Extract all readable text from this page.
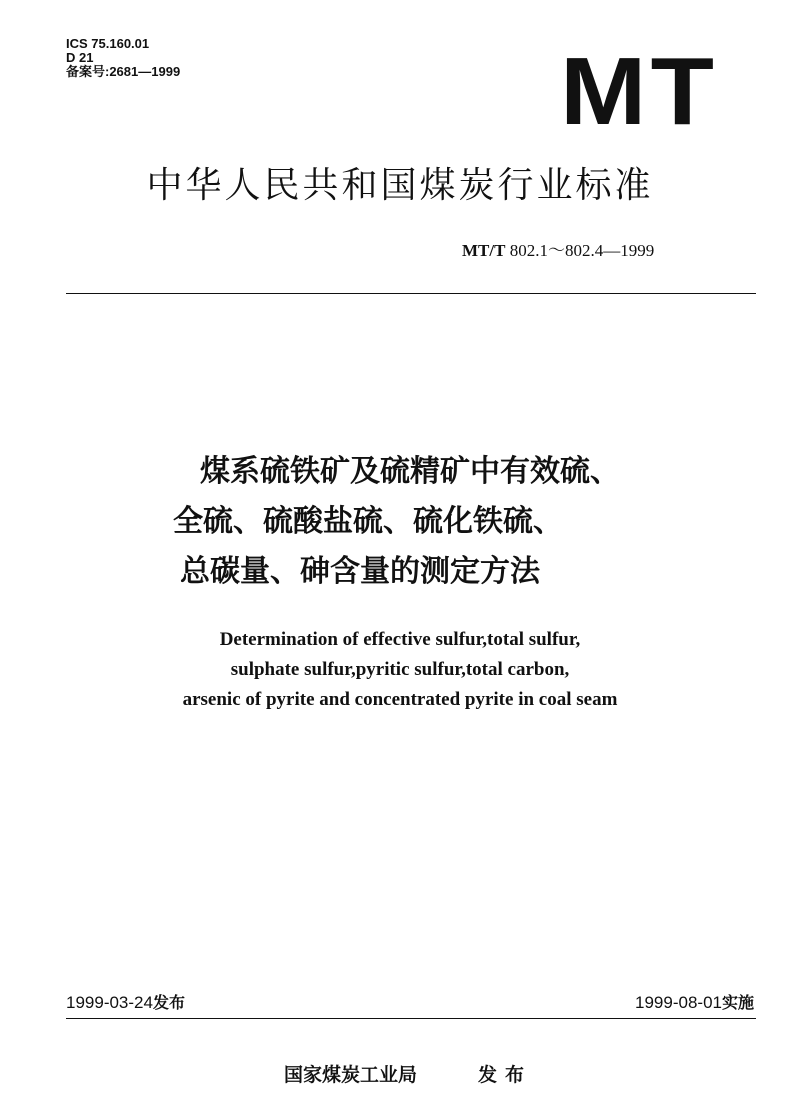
ICS 75.160.01
D 21
备案号:2681—1999	MT
中华人民共和国煤炭行业标准
MT/T 802.1～802.4—1999
煤系硫铁矿及硫精矿中有效硫、
全硫、硫酸盐硫、硫化铁硫、
总碳量、砷含量的测定方法
Determination of effective sulfur,total sulfur,
sulphate sulfur,pyritic sulfur,total carbon,
arsenic of pyrite and concentrated pyrite in coal seam
1999-03-24发布	1999-08-01实施
国家煤炭工业局	发布
